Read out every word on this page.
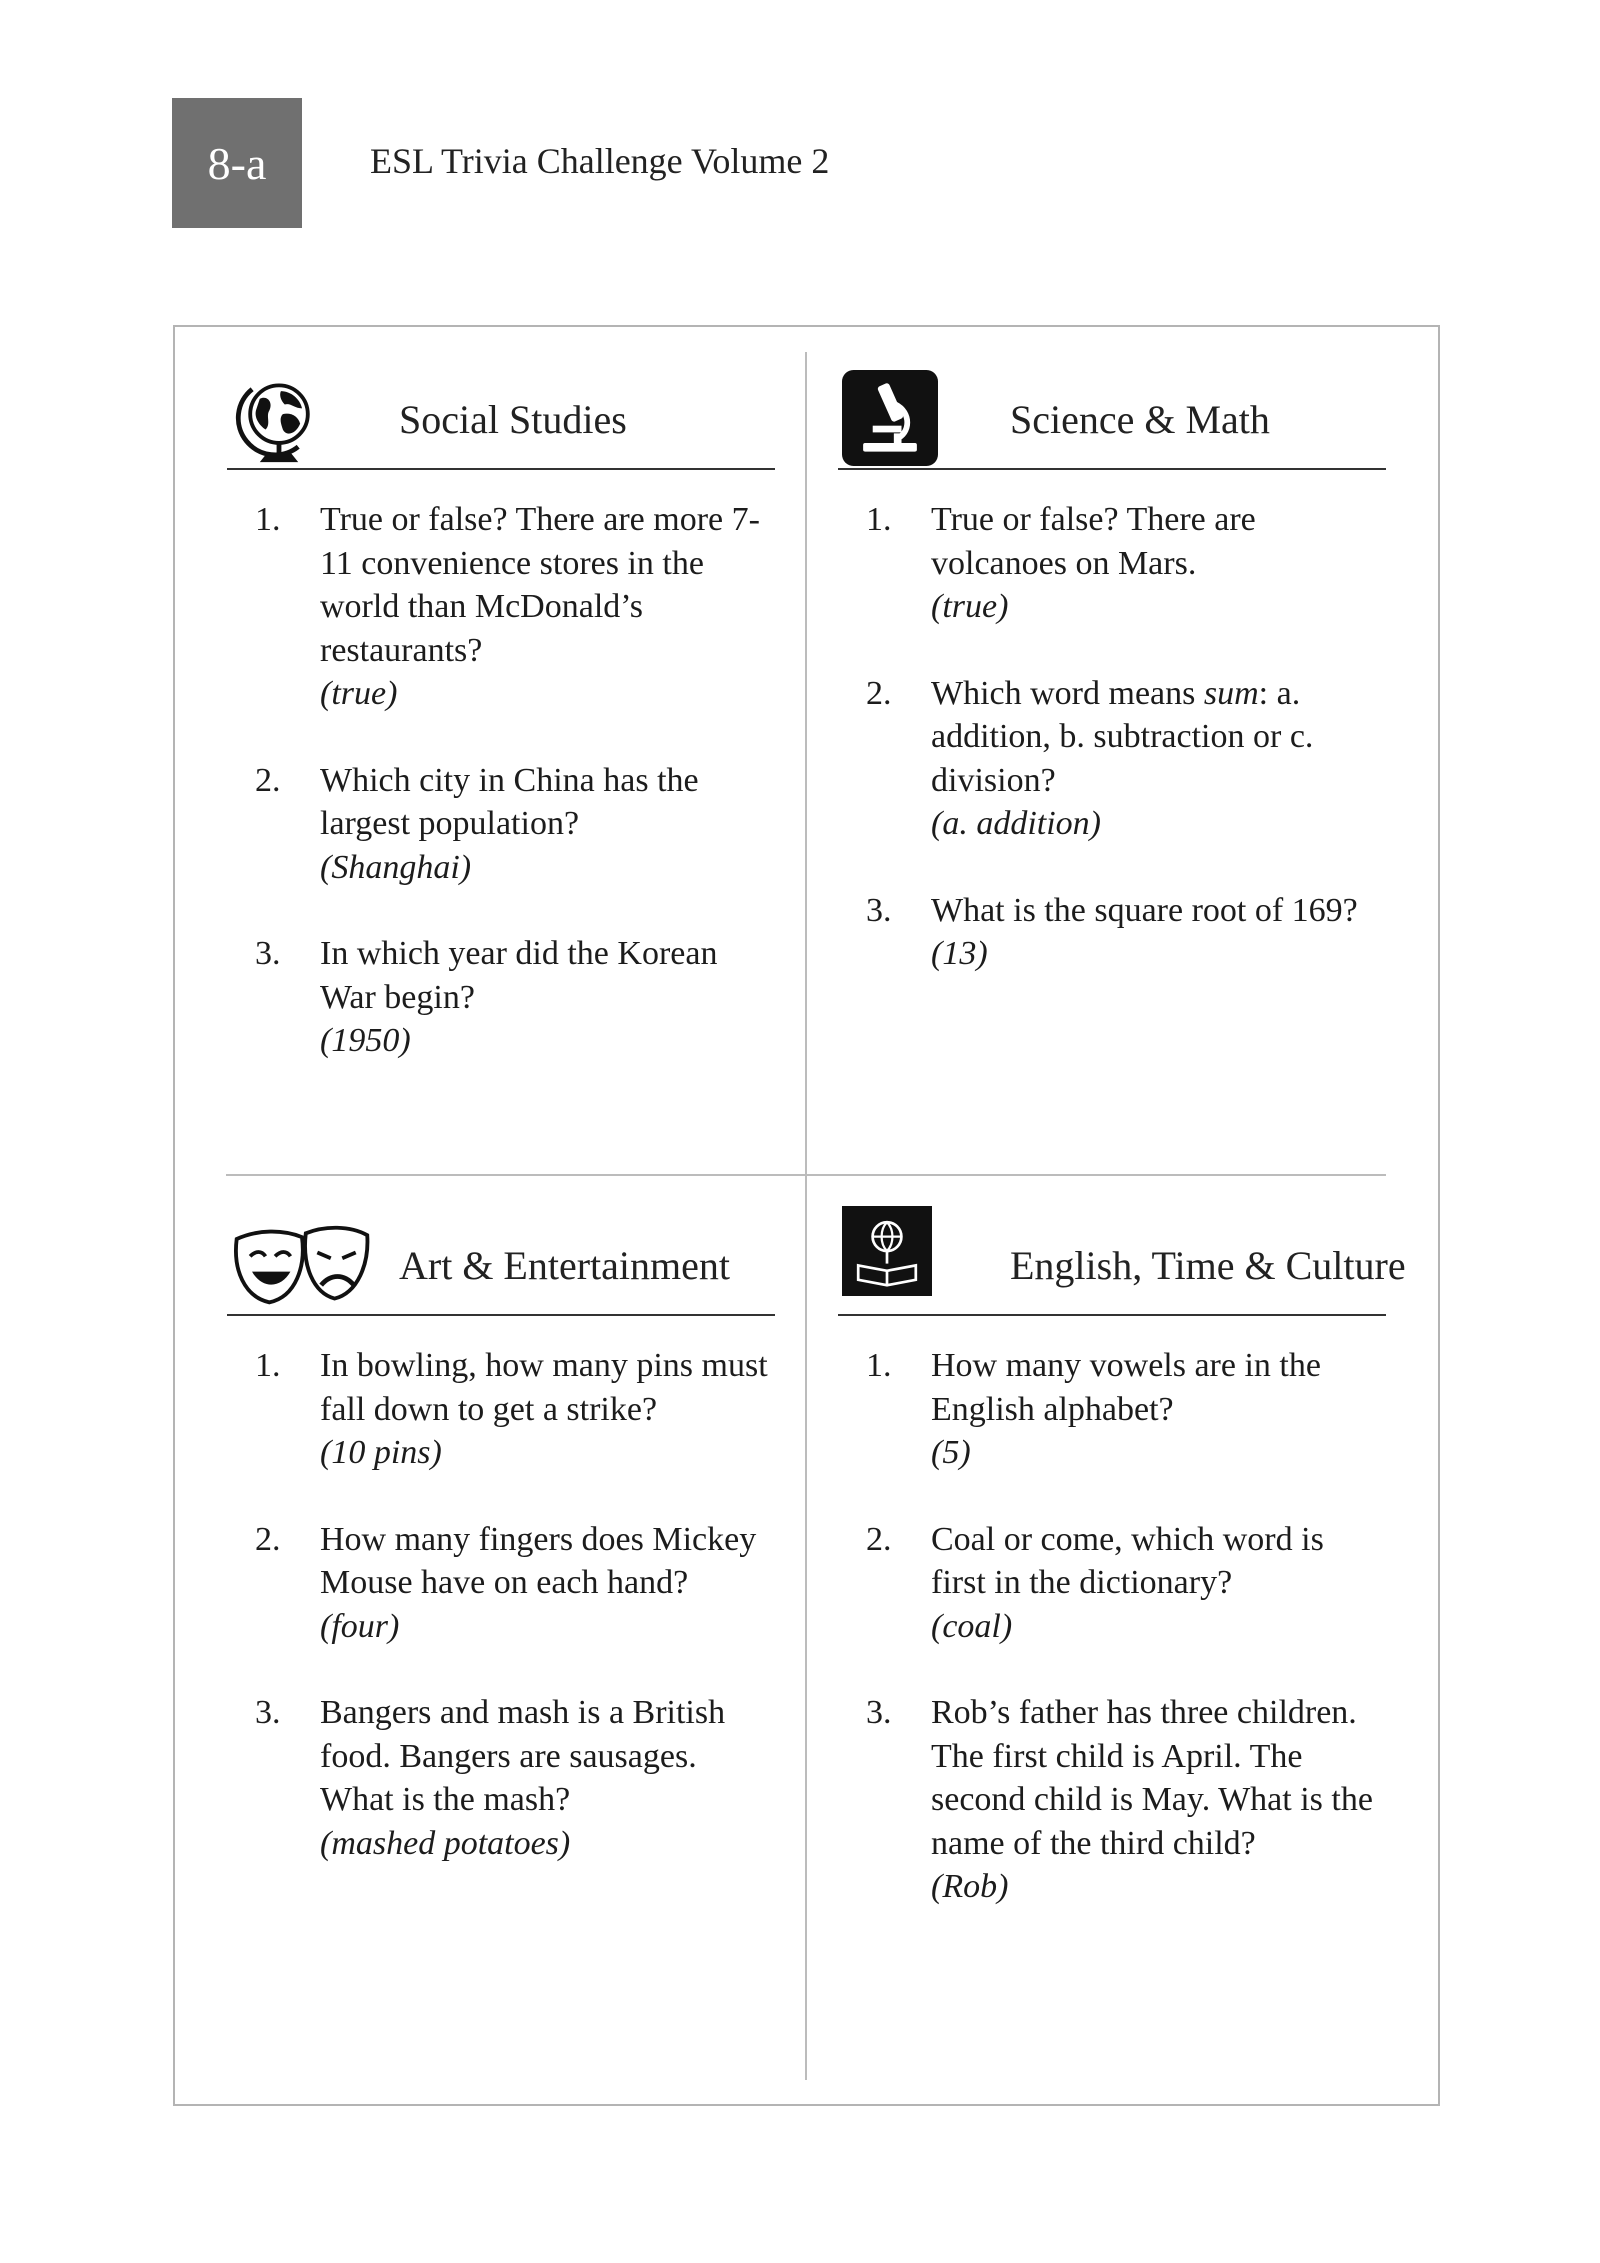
8-a	ESL Trivia Challenge Volume 2
Social Studies
1. True or false? There are more 7-11 convenience stores in the world than McDonald’s restaurants?
(true)
2. Which city in China has the largest population?
(Shanghai)
3. In which year did the Korean War begin?
(1950)
Science & Math
1. True or false? There are volcanoes on Mars.
(true)
2. Which word means sum: a. addition, b. subtraction or c. division?
(a. addition)
3. What is the square root of 169?
(13)
Art & Entertainment
1. In bowling, how many pins must fall down to get a strike?
(10 pins)
2. How many fingers does Mickey Mouse have on each hand?
(four)
3. Bangers and mash is a British food. Bangers are sausages. What is the mash?
(mashed potatoes)
English, Time & Culture
1. How many vowels are in the English alphabet?
(5)
2. Coal or come, which word is first in the dictionary?
(coal)
3. Rob’s father has three children. The first child is April. The second child is May. What is the name of the third child?
(Rob)
